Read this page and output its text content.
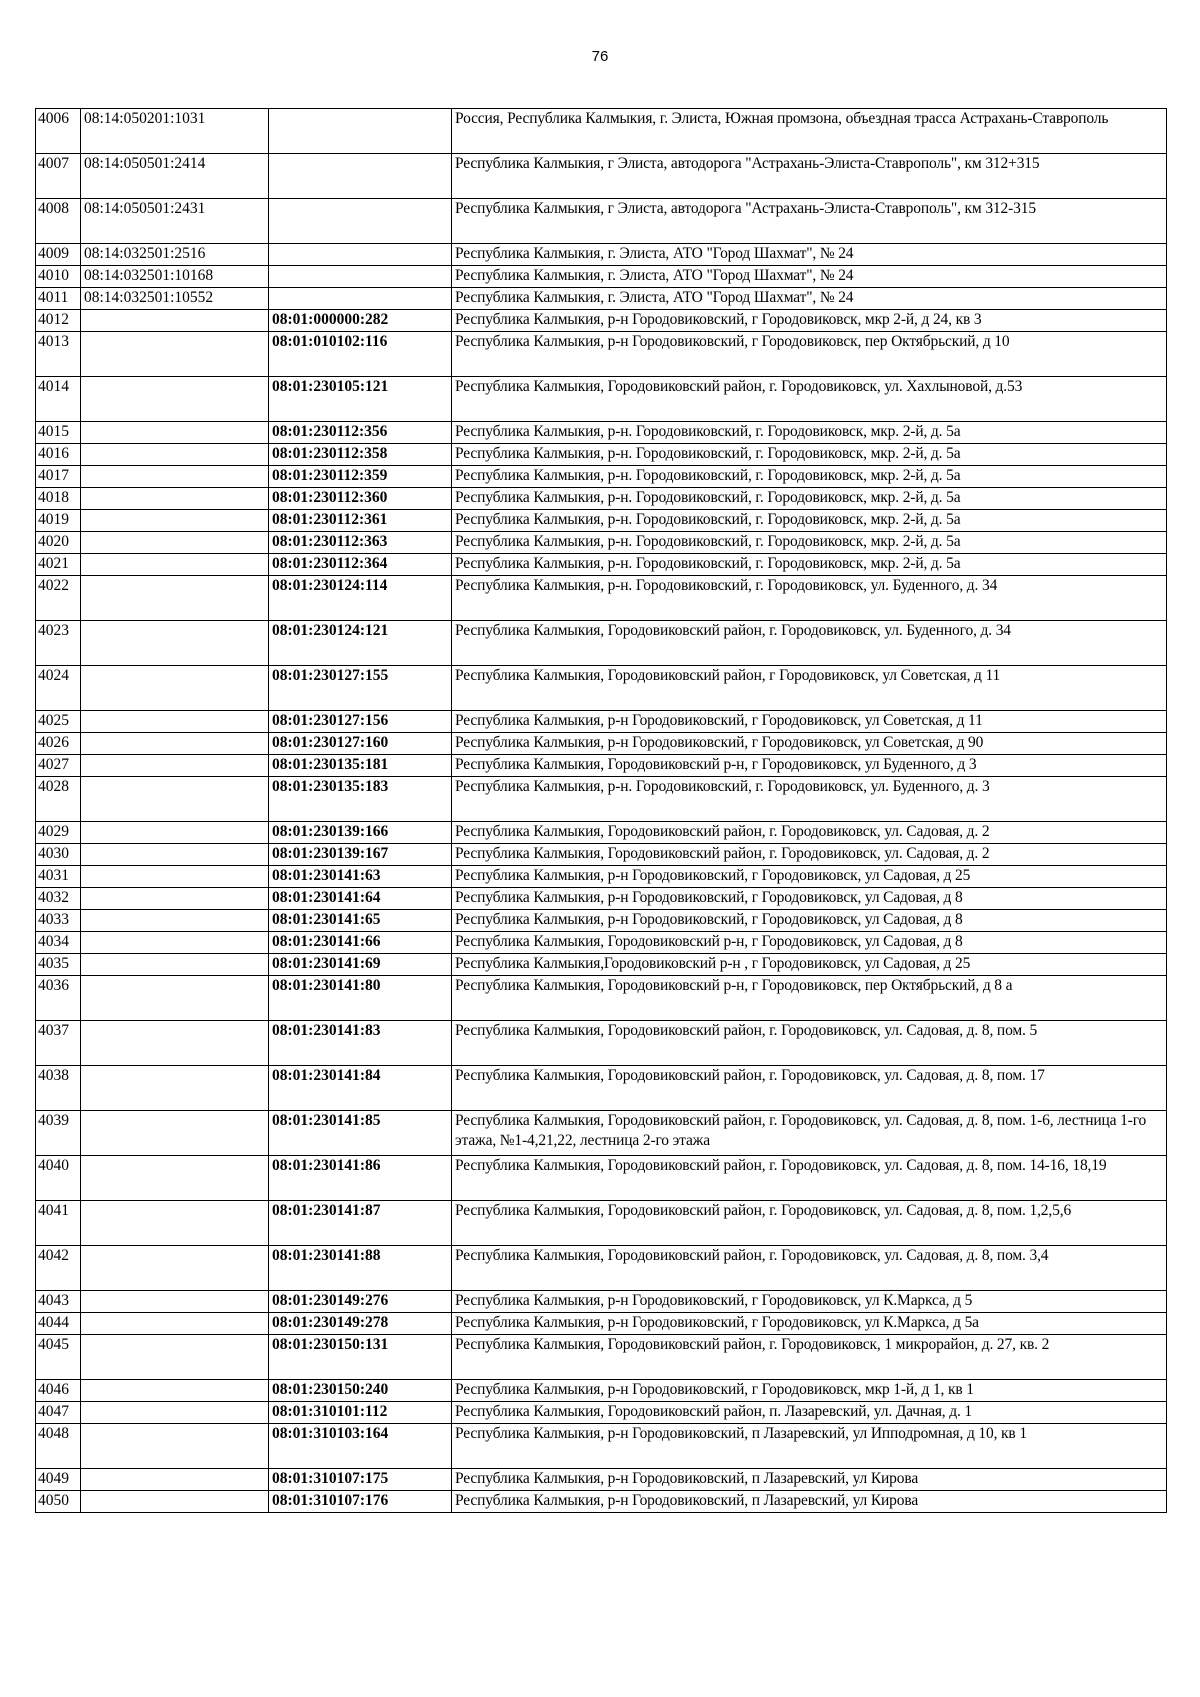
76
4006	08:14:050201:1031		Россия, Республика Калмыкия, г. Элиста, Южная промзона, объездная трасса Астрахань-Ставрополь
4007	08:14:050501:2414		Республика Калмыкия, г Элиста, автодорога "Астрахань-Элиста-Ставрополь", км 312+315
4008	08:14:050501:2431		Республика Калмыкия, г Элиста, автодорога "Астрахань-Элиста-Ставрополь", км 312-315
4009	08:14:032501:2516		Республика Калмыкия, г. Элиста, АТО "Город Шахмат", № 24
4010	08:14:032501:10168		Республика Калмыкия, г. Элиста, АТО "Город Шахмат", № 24
4011	08:14:032501:10552		Республика Калмыкия, г. Элиста, АТО "Город Шахмат", № 24
4012		08:01:000000:282	Республика Калмыкия, р-н Городовиковский, г Городовиковск, мкр 2-й, д 24, кв 3
4013		08:01:010102:116	Республика Калмыкия, р-н Городовиковский, г Городовиковск, пер Октябрьский, д 10
4014		08:01:230105:121	Республика Калмыкия, Городовиковский район, г. Городовиковск, ул. Хахлыновой, д.53
4015		08:01:230112:356	Республика Калмыкия, р-н. Городовиковский, г. Городовиковск, мкр. 2-й, д. 5а
4016		08:01:230112:358	Республика Калмыкия, р-н. Городовиковский, г. Городовиковск, мкр. 2-й, д. 5а
4017		08:01:230112:359	Республика Калмыкия, р-н. Городовиковский, г. Городовиковск, мкр. 2-й, д. 5а
4018		08:01:230112:360	Республика Калмыкия, р-н. Городовиковский, г. Городовиковск, мкр. 2-й, д. 5а
4019		08:01:230112:361	Республика Калмыкия, р-н. Городовиковский, г. Городовиковск, мкр. 2-й, д. 5а
4020		08:01:230112:363	Республика Калмыкия, р-н. Городовиковский, г. Городовиковск, мкр. 2-й, д. 5а
4021		08:01:230112:364	Республика Калмыкия, р-н. Городовиковский, г. Городовиковск, мкр. 2-й, д. 5а
4022		08:01:230124:114	Республика Калмыкия, р-н. Городовиковский, г. Городовиковск, ул. Буденного, д. 34
4023		08:01:230124:121	Республика Калмыкия, Городовиковский район, г. Городовиковск, ул. Буденного, д. 34
4024		08:01:230127:155	Республика Калмыкия, Городовиковский район, г Городовиковск, ул Советская, д 11
4025		08:01:230127:156	Республика Калмыкия, р-н Городовиковский, г Городовиковск, ул Советская, д 11
4026		08:01:230127:160	Республика Калмыкия, р-н Городовиковский, г Городовиковск, ул Советская, д 90
4027		08:01:230135:181	Республика Калмыкия, Городовиковский р-н, г Городовиковск, ул Буденного, д 3
4028		08:01:230135:183	Республика Калмыкия, р-н. Городовиковский, г. Городовиковск, ул. Буденного, д. 3
4029		08:01:230139:166	Республика Калмыкия, Городовиковский район, г. Городовиковск, ул. Садовая, д. 2
4030		08:01:230139:167	Республика Калмыкия, Городовиковский район, г. Городовиковск, ул. Садовая, д. 2
4031		08:01:230141:63	Республика Калмыкия, р-н Городовиковский, г Городовиковск, ул Садовая, д 25
4032		08:01:230141:64	Республика Калмыкия, р-н Городовиковский, г Городовиковск, ул Садовая, д 8
4033		08:01:230141:65	Республика Калмыкия, р-н Городовиковский, г Городовиковск, ул Садовая, д 8
4034		08:01:230141:66	Республика Калмыкия, Городовиковский р-н, г Городовиковск, ул Садовая, д 8
4035		08:01:230141:69	Республика Калмыкия,Городовиковский р-н , г Городовиковск, ул Садовая, д 25
4036		08:01:230141:80	Республика Калмыкия, Городовиковский р-н, г Городовиковск, пер Октябрьский, д 8 а
4037		08:01:230141:83	Республика Калмыкия, Городовиковский район, г. Городовиковск, ул. Садовая, д. 8, пом. 5
4038		08:01:230141:84	Республика Калмыкия, Городовиковский район, г. Городовиковск, ул. Садовая, д. 8, пом. 17
4039		08:01:230141:85	Республика Калмыкия, Городовиковский район, г. Городовиковск, ул. Садовая, д. 8, пом. 1-6, лестница 1-го этажа, №1-4,21,22, лестница 2-го этажа
4040		08:01:230141:86	Республика Калмыкия, Городовиковский район, г. Городовиковск, ул. Садовая, д. 8, пом. 14-16, 18,19
4041		08:01:230141:87	Республика Калмыкия, Городовиковский район, г. Городовиковск, ул. Садовая, д. 8, пом. 1,2,5,6
4042		08:01:230141:88	Республика Калмыкия, Городовиковский район, г. Городовиковск, ул. Садовая, д. 8, пом. 3,4
4043		08:01:230149:276	Республика Калмыкия, р-н Городовиковский, г Городовиковск, ул К.Маркса, д 5
4044		08:01:230149:278	Республика Калмыкия, р-н Городовиковский, г Городовиковск, ул К.Маркса, д 5а
4045		08:01:230150:131	Республика Калмыкия, Городовиковский район, г. Городовиковск, 1 микрорайон, д. 27, кв. 2
4046		08:01:230150:240	Республика Калмыкия, р-н Городовиковский, г Городовиковск, мкр 1-й, д 1, кв 1
4047		08:01:310101:112	Республика Калмыкия, Городовиковский район, п. Лазаревский, ул. Дачная, д. 1
4048		08:01:310103:164	Республика Калмыкия, р-н Городовиковский, п Лазаревский, ул Ипподромная, д 10, кв 1
4049		08:01:310107:175	Республика Калмыкия, р-н Городовиковский, п Лазаревский, ул Кирова
4050		08:01:310107:176	Республика Калмыкия, р-н Городовиковский, п Лазаревский, ул Кирова
